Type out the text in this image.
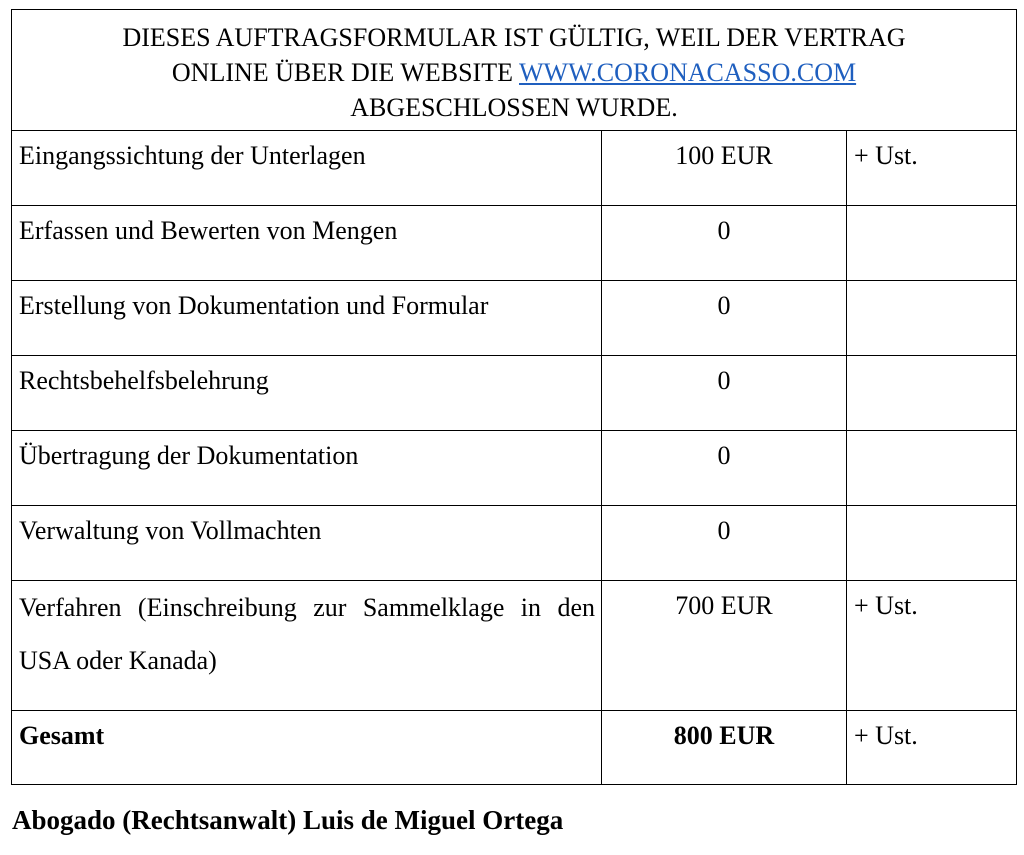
DIESES AUFTRAGSFORMULAR IST GÜLTIG, WEIL DER VERTRAG
ONLINE ÜBER DIE WEBSITE WWW.CORONACASSO.COM
ABGESCHLOSSEN WURDE.		
Eingangssichtung der Unterlagen	100 EUR	+ Ust.
Erfassen und Bewerten von Mengen	0	
Erstellung von Dokumentation und Formular	0	
Rechtsbehelfsbelehrung	0	
Übertragung der Dokumentation	0	
Verwaltung von Vollmachten	0	
Verfahren (Einschreibung zur Sammelklage in den USA oder Kanada)	700 EUR	+ Ust.
Gesamt	800 EUR	+ Ust.
Abogado (Rechtsanwalt) Luis de Miguel Ortega
